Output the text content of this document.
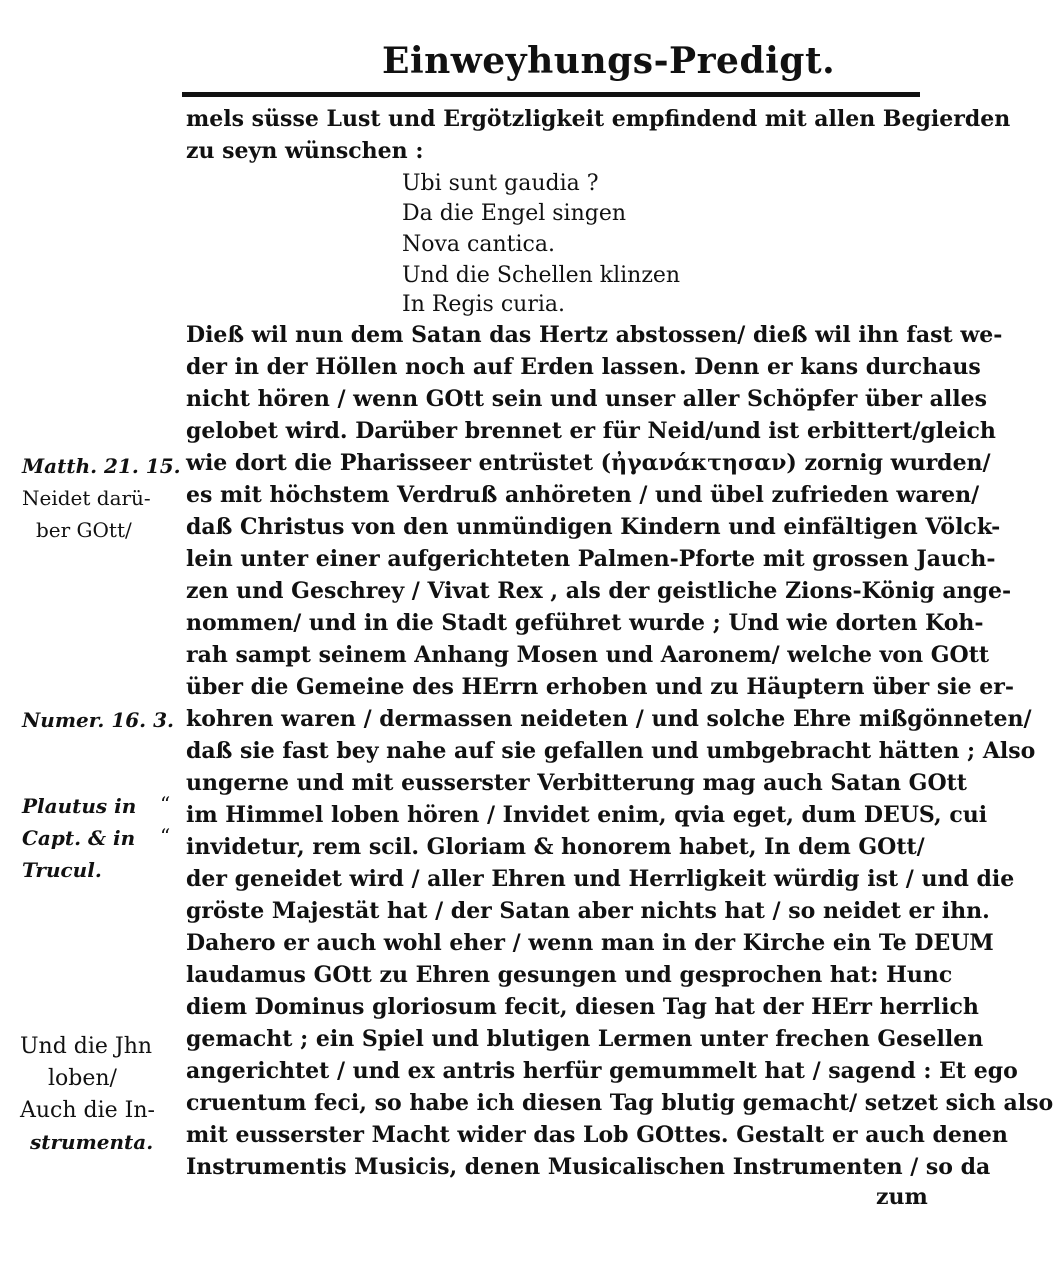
Einweyhungs-Predigt.
mels süsse Lust und Ergötzligkeit empfindend mit allen Begierden
zu seyn wünschen :
Ubi sunt gaudia ?
Da die Engel singen
Nova cantica.
Und die Schellen klinzen
In Regis curia.
Dieß wil nun dem Satan das Hertz abstossen/ dieß wil ihn fast we-
der in der Höllen noch auf Erden lassen. Denn er kans durchaus
nicht hören / wenn GOtt sein und unser aller Schöpfer über alles
gelobet wird. Darüber brennet er für Neid/und ist erbittert/gleich
wie dort die Pharisseer entrüstet (ἠγανάκτησαν) zornig wurden/
es mit höchstem Verdruß anhöreten / und übel zufrieden waren/
daß Christus von den unmündigen Kindern und einfältigen Völck-
lein unter einer aufgerichteten Palmen-Pforte mit grossen Jauch-
zen und Geschrey / Vivat Rex , als der geistliche Zions-König ange-
nommen/ und in die Stadt geführet wurde ; Und wie dorten Koh-
rah sampt seinem Anhang Mosen und Aaronem/ welche von GOtt
über die Gemeine des HErrn erhoben und zu Häuptern über sie er-
kohren waren / dermassen neideten / und solche Ehre mißgönneten/
daß sie fast bey nahe auf sie gefallen und umbgebracht hätten ; Also
ungerne und mit eusserster Verbitterung mag auch Satan GOtt
im Himmel loben hören / Invidet enim, qvia eget, dum DEUS, cui
invidetur, rem scil. Gloriam & honorem habet, In dem GOtt/
der geneidet wird / aller Ehren und Herrligkeit würdig ist / und die
gröste Majestät hat / der Satan aber nichts hat / so neidet er ihn.
Dahero er auch wohl eher / wenn man in der Kirche ein Te DEUM
laudamus GOtt zu Ehren gesungen und gesprochen hat: Hunc
diem Dominus gloriosum fecit, diesen Tag hat der HErr herrlich
gemacht ; ein Spiel und blutigen Lermen unter frechen Gesellen
angerichtet / und ex antris herfür gemummelt hat / sagend : Et ego
cruentum feci, so habe ich diesen Tag blutig gemacht/ setzet sich also
mit eusserster Macht wider das Lob GOttes. Gestalt er auch denen
Instrumentis Musicis, denen Musicalischen Instrumenten / so da
zum
Matth. 21. 15.
Neidet darü-
ber GOtt/
Numer. 16. 3.
Plautus in “
Capt. & in “
Trucul.
Und die Jhn
loben/
Auch die In-
strumenta.
